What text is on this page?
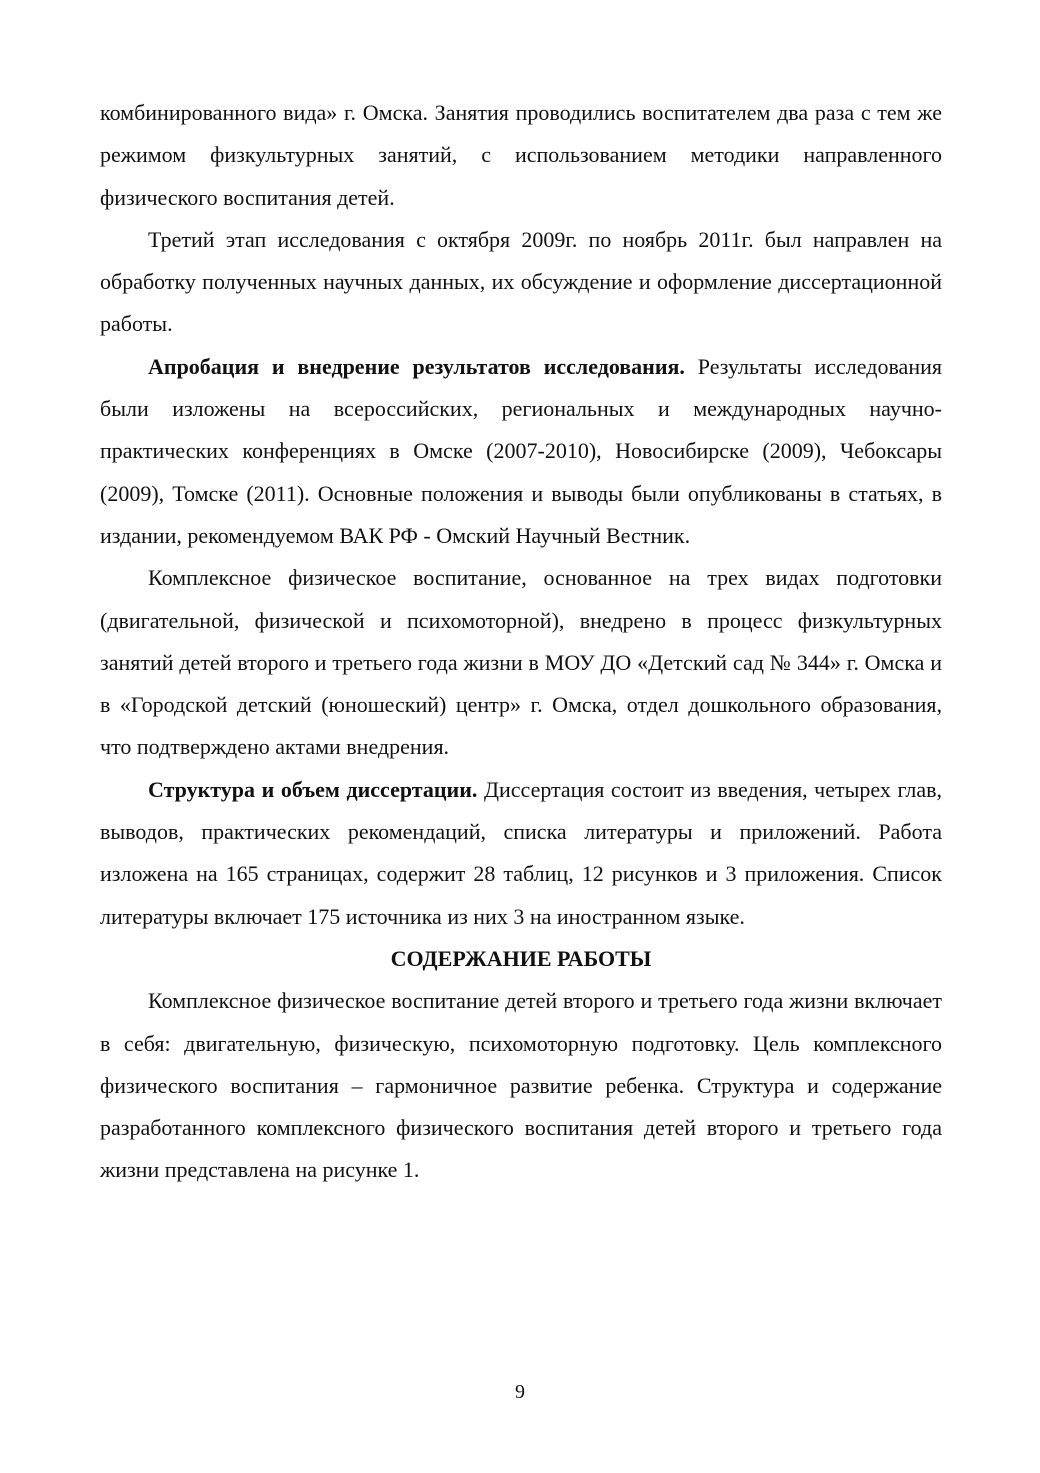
комбинированного вида» г. Омска. Занятия проводились воспитателем два раза с тем же режимом физкультурных занятий, с использованием методики направленного физического воспитания детей.

Третий этап исследования с октября 2009г. по ноябрь 2011г. был направлен на обработку полученных научных данных, их обсуждение и оформление диссертационной работы.

Апробация и внедрение результатов исследования. Результаты исследования были изложены на всероссийских, региональных и международных научно-практических конференциях в Омске (2007-2010), Новосибирске (2009), Чебоксары (2009), Томске (2011). Основные положения и выводы были опубликованы в статьях, в издании, рекомендуемом ВАК РФ - Омский Научный Вестник.

Комплексное физическое воспитание, основанное на трех видах подготовки (двигательной, физической и психомоторной), внедрено в процесс физкультурных занятий детей второго и третьего года жизни в МОУ ДО «Детский сад № 344» г. Омска и в «Городской детский (юношеский) центр» г. Омска, отдел дошкольного образования, что подтверждено актами внедрения.

Структура и объем диссертации. Диссертация состоит из введения, четырех глав, выводов, практических рекомендаций, списка литературы и приложений. Работа изложена на 165 страницах, содержит 28 таблиц, 12 рисунков и 3 приложения. Список литературы включает 175 источника из них 3 на иностранном языке.

СОДЕРЖАНИЕ РАБОТЫ

Комплексное физическое воспитание детей второго и третьего года жизни включает в себя: двигательную, физическую, психомоторную подготовку. Цель комплексного физического воспитания – гармоничное развитие ребенка. Структура и содержание разработанного комплексного физического воспитания детей второго и третьего года жизни представлена на рисунке 1.

9
